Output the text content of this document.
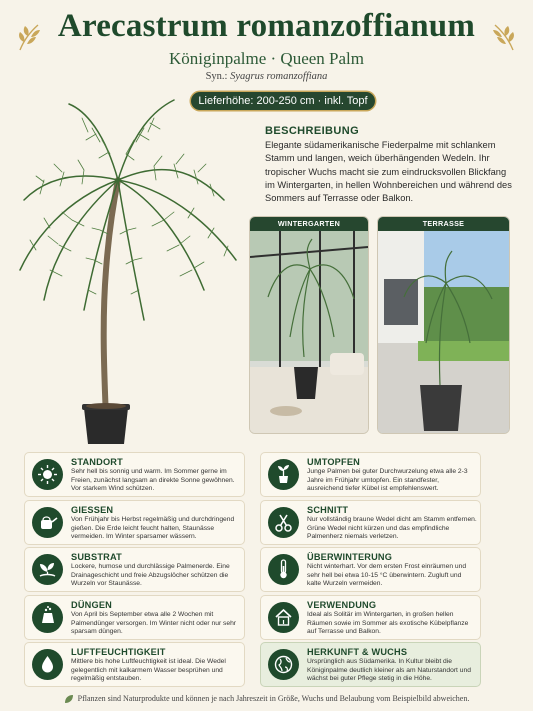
Arecastrum romanzoffianum
Königinpalme · Queen Palm
Syn.: Syagrus romanzoffiana
Lieferhöhe: 200-250 cm · inkl. Topf
BESCHREIBUNG
Elegante südamerikanische Fiederpalme mit schlankem Stamm und langen, weich überhängenden Wedeln. Ihr tropischer Wuchs macht sie zum eindrucksvollen Blickfang im Wintergarten, in hellen Wohnbereichen und während des Sommers auf Terrasse oder Balkon.
WINTERGARTEN	TERRASSE
STANDORT
Sehr hell bis sonnig und warm. Im Sommer gerne im Freien, zunächst langsam an direkte Sonne gewöhnen. Vor starkem Wind schützen.
GIESSEN
Von Frühjahr bis Herbst regelmäßig und durchdringend gießen. Die Erde leicht feucht halten, Staunässe vermeiden. Im Winter sparsamer wässern.
SUBSTRAT
Lockere, humose und durchlässige Palmenerde. Eine Drainageschicht und freie Abzugslöcher schützen die Wurzeln vor Staunässe.
DÜNGEN
Von April bis September etwa alle 2 Wochen mit Palmendünger versorgen. Im Winter nicht oder nur sehr sparsam düngen.
LUFTFEUCHTIGKEIT
Mittlere bis hohe Luftfeuchtigkeit ist ideal. Die Wedel gelegentlich mit kalkarmem Wasser besprühen und regelmäßig entstauben.
UMTOPFEN
Junge Palmen bei guter Durchwurzelung etwa alle 2-3 Jahre im Frühjahr umtopfen. Ein standfester, ausreichend tiefer Kübel ist empfehlenswert.
SCHNITT
Nur vollständig braune Wedel dicht am Stamm entfernen. Grüne Wedel nicht kürzen und das empfindliche Palmenherz niemals verletzen.
ÜBERWINTERUNG
Nicht winterhart. Vor dem ersten Frost einräumen und sehr hell bei etwa 10-15 °C überwintern. Zugluft und kalte Wurzeln vermeiden.
VERWENDUNG
Ideal als Solitär im Wintergarten, in großen hellen Räumen sowie im Sommer als exotische Kübelpflanze auf Terrasse und Balkon.
HERKUNFT & WUCHS
Ursprünglich aus Südamerika. In Kultur bleibt die Königinpalme deutlich kleiner als am Naturstandort und wächst bei guter Pflege stetig in die Höhe.
Pflanzen sind Naturprodukte und können je nach Jahreszeit in Größe, Wuchs und Belaubung vom Beispielbild abweichen.
